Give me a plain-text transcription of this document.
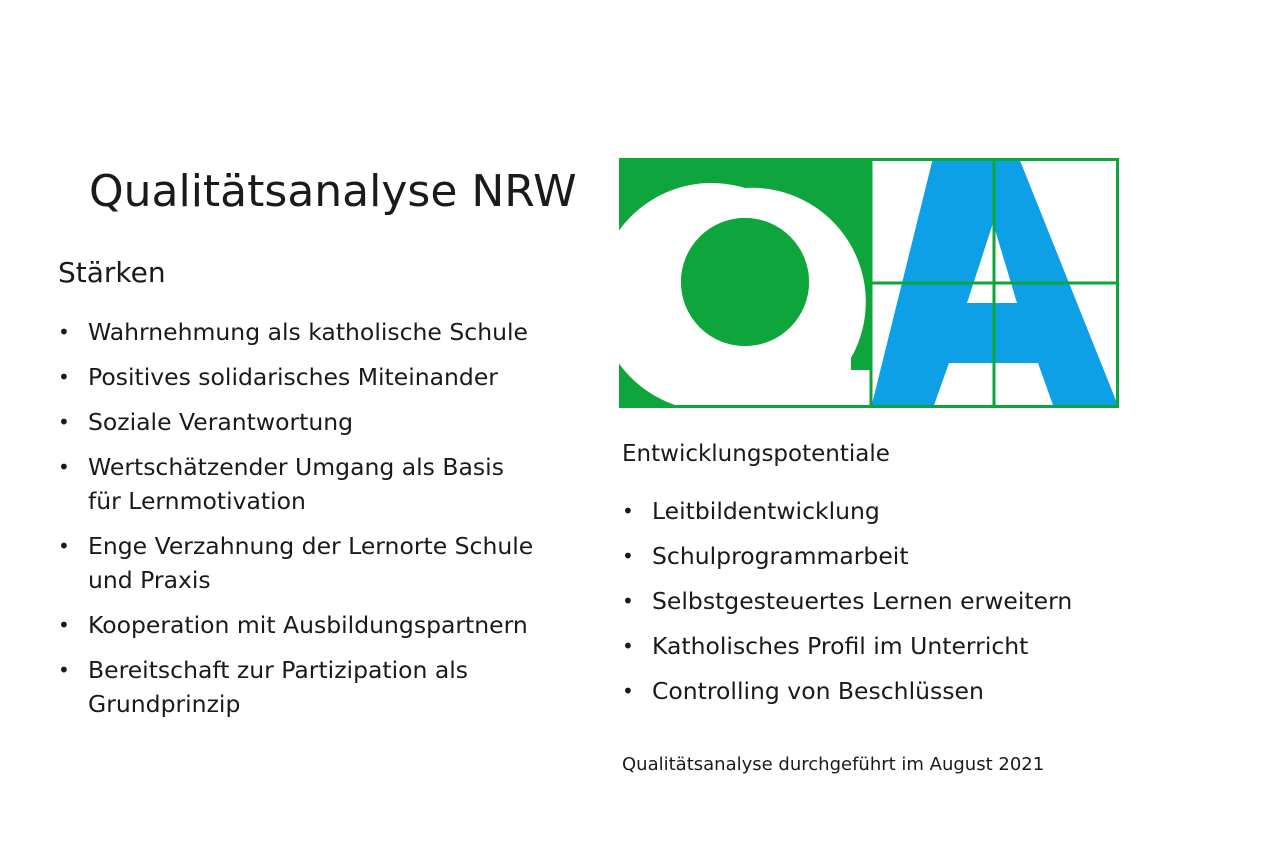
Qualitätsanalyse NRW
Stärken
• Wahrnehmung als katholische Schule
• Positives solidarisches Miteinander
• Soziale Verantwortung
• Wertschätzender Umgang als Basis
für Lernmotivation
• Enge Verzahnung der Lernorte Schule
und Praxis
• Kooperation mit Ausbildungspartnern
• Bereitschaft zur Partizipation als
Grundprinzip
Entwicklungspotentiale
• Leitbildentwicklung
• Schulprogrammarbeit
• Selbstgesteuertes Lernen erweitern
• Katholisches Profil im Unterricht
• Controlling von Beschlüssen
Qualitätsanalyse durchgeführt im August 2021
